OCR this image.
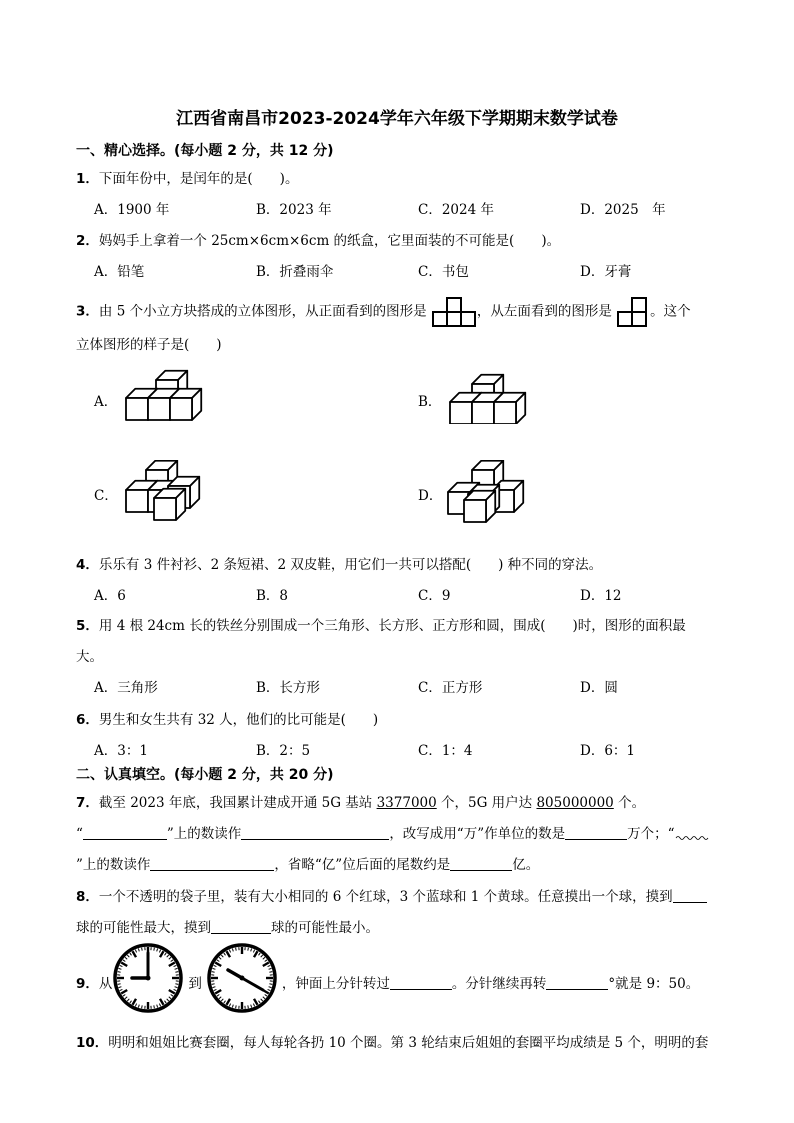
江西省南昌市2023-2024学年六年级下学期期末数学试卷
一、精心选择。(每小题 2 分，共 12 分)
1．下面年份中，是闰年的是(　　)。
A．1900 年	B．2023 年	C．2024 年	D．2025　年
2．妈妈手上拿着一个 25cm×6cm×6cm 的纸盒，它里面装的不可能是(　　)。
A．铅笔	B．折叠雨伞	C．书包	D．牙膏
3．由 5 个小立方块搭成的立体图形，从正面看到的图形是	，从左面看到的图形是	。这个
立体图形的样子是(　　)
A．	B．
C．	D．
4．乐乐有 3 件衬衫、2 条短裙、2 双皮鞋，用它们一共可以搭配(　　) 种不同的穿法。
A．6	B．8	C．9	D．12
5．用 4 根 24cm 长的铁丝分别围成一个三角形、长方形、正方形和圆，围成(　　)时，图形的面积最
大。
A．三角形	B．长方形	C．正方形	D．圆
6．男生和女生共有 32 人，他们的比可能是(　　)
A．3：1	B．2：5	C．1：4	D．6：1
二、认真填空。(每小题 2 分，共 20 分)
7．截至 2023 年底，我国累计建成开通 5G 基站 3377000 个，5G 用户达 805000000 个。
“	”上的数读作	，改写成用“万”作单位的数是	万个；“
”上的数读作	，省略“亿”位后面的尾数约是	亿。
8．一个不透明的袋子里，装有大小相同的 6 个红球，3 个蓝球和 1 个黄球。任意摸出一个球，摸到
球的可能性最大，摸到	球的可能性最小。
9．从	到	，钟面上分针转过	。分针继续再转	°就是 9：50。
10．明明和姐姐比赛套圈，每人每轮各扔 10 个圈。第 3 轮结束后姐姐的套圈平均成绩是 5 个，明明的套
